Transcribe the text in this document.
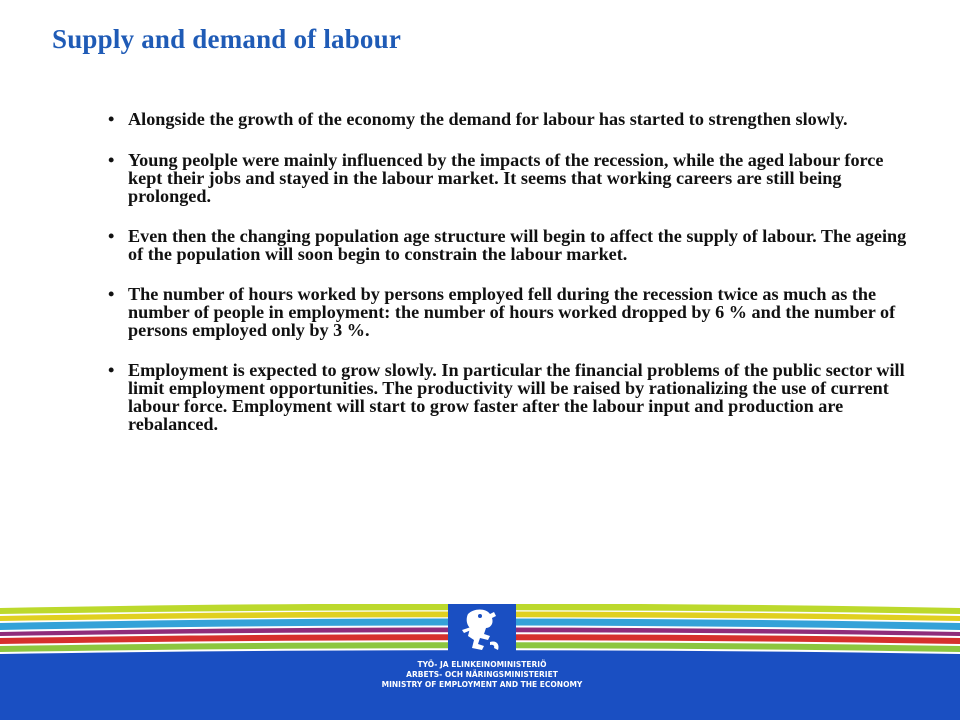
Supply and demand of labour
• Alongside the growth of the economy the demand for labour has started to strengthen slowly.
• Young peolple were mainly influenced by the impacts of the recession, while the aged labour force kept their jobs and stayed in the labour market. It seems that working careers are still being prolonged.
• Even then the changing population age structure will begin to affect the supply of labour. The ageing of the population will soon begin to constrain the labour market.
• The number of hours worked by persons employed fell during the recession twice as much as the number of people in employment: the number of hours worked dropped by 6 % and the number of persons employed only by 3 %.
• Employment is expected to grow slowly. In particular the financial problems of the public sector will limit employment opportunities. The productivity will be raised by rationalizing the use of current labour force. Employment will start to grow faster after the labour input and production are rebalanced.
TYÖ- JA ELINKEINOMINISTERIÖ
ARBETS- OCH NÄRINGSMINISTERIET
MINISTRY OF EMPLOYMENT AND THE ECONOMY
